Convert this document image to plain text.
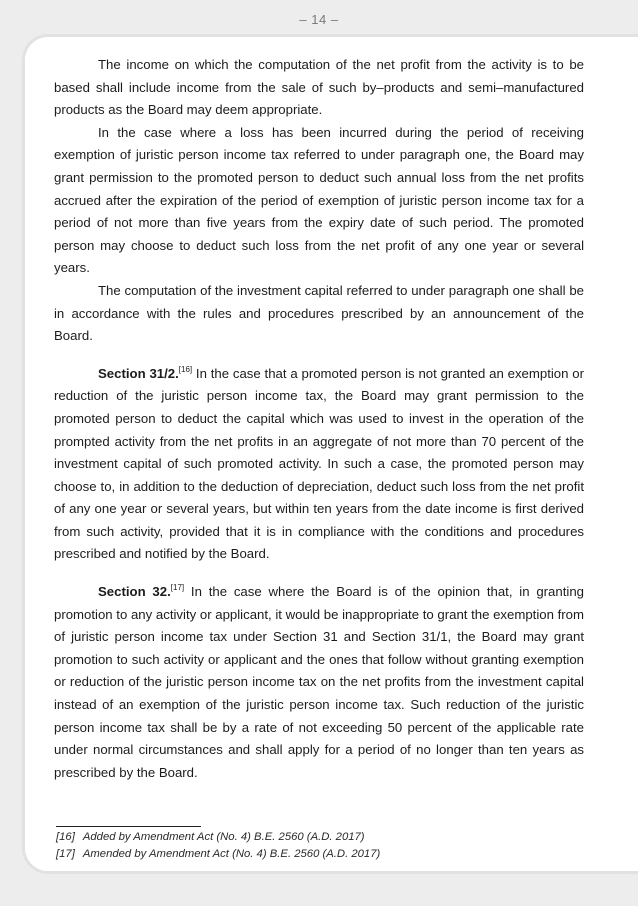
– 14 –

The income on which the computation of the net profit from the activity is to be based shall include income from the sale of such by–products and semi–manufactured products as the Board may deem appropriate.

In the case where a loss has been incurred during the period of receiving exemption of juristic person income tax referred to under paragraph one, the Board may grant permission to the promoted person to deduct such annual loss from the net profits accrued after the expiration of the period of exemption of juristic person income tax for a period of not more than five years from the expiry date of such period. The promoted person may choose to deduct such loss from the net profit of any one year or several years.

The computation of the investment capital referred to under paragraph one shall be in accordance with the rules and procedures prescribed by an announcement of the Board.

Section 31/2.[16] In the case that a promoted person is not granted an exemption or reduction of the juristic person income tax, the Board may grant permission to the promoted person to deduct the capital which was used to invest in the operation of the prompted activity from the net profits in an aggregate of not more than 70 percent of the investment capital of such promoted activity. In such a case, the promoted person may choose to, in addition to the deduction of depreciation, deduct such loss from the net profit of any one year or several years, but within ten years from the date income is first derived from such activity, provided that it is in compliance with the conditions and procedures prescribed and notified by the Board.

Section 32.[17] In the case where the Board is of the opinion that, in granting promotion to any activity or applicant, it would be inappropriate to grant the exemption from of juristic person income tax under Section 31 and Section 31/1, the Board may grant promotion to such activity or applicant and the ones that follow without granting exemption or reduction of the juristic person income tax on the net profits from the investment capital instead of an exemption of the juristic person income tax. Such reduction of the juristic person income tax shall be by a rate of not exceeding 50 percent of the applicable rate under normal circumstances and shall apply for a period of no longer than ten years as prescribed by the Board.

[16] Added by Amendment Act (No. 4) B.E. 2560 (A.D. 2017)
[17] Amended by Amendment Act (No. 4) B.E. 2560 (A.D. 2017)
